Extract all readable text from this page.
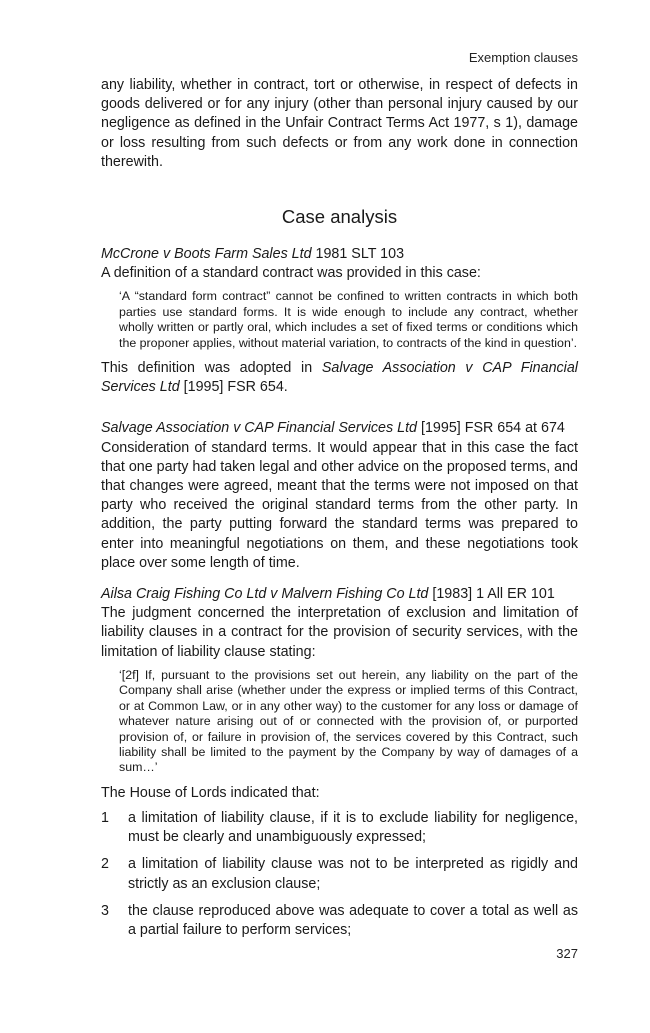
Exemption clauses

any liability, whether in contract, tort or otherwise, in respect of defects in goods delivered or for any injury (other than personal injury caused by our negligence as defined in the Unfair Contract Terms Act 1977, s 1), damage or loss resulting from such defects or from any work done in connection therewith.

Case analysis

McCrone v Boots Farm Sales Ltd 1981 SLT 103

A definition of a standard contract was provided in this case:

‘A “standard form contract” cannot be confined to written contracts in which both parties use standard forms. It is wide enough to include any contract, whether wholly written or partly oral, which includes a set of fixed terms or conditions which the proponer applies, without material variation, to contracts of the kind in question’.

This definition was adopted in Salvage Association v CAP Financial Services Ltd [1995] FSR 654.

Salvage Association v CAP Financial Services Ltd [1995] FSR 654 at 674

Consideration of standard terms. It would appear that in this case the fact that one party had taken legal and other advice on the proposed terms, and that changes were agreed, meant that the terms were not imposed on that party who received the original standard terms from the other party. In addition, the party putting forward the standard terms was prepared to enter into meaningful negotiations on them, and these negotiations took place over some length of time.

Ailsa Craig Fishing Co Ltd v Malvern Fishing Co Ltd [1983] 1 All ER 101

The judgment concerned the interpretation of exclusion and limitation of liability clauses in a contract for the provision of security services, with the limitation of liability clause stating:

‘[2f] If, pursuant to the provisions set out herein, any liability on the part of the Company shall arise (whether under the express or implied terms of this Contract, or at Common Law, or in any other way) to the customer for any loss or damage of whatever nature arising out of or connected with the provision of, or purported provision of, or failure in provision of, the services covered by this Contract, such liability shall be limited to the payment by the Company by way of damages of a sum…’

The House of Lords indicated that:

1	a limitation of liability clause, if it is to exclude liability for negligence, must be clearly and unambiguously expressed;
2	a limitation of liability clause was not to be interpreted as rigidly and strictly as an exclusion clause;
3	the clause reproduced above was adequate to cover a total as well as a partial failure to perform services;
327
